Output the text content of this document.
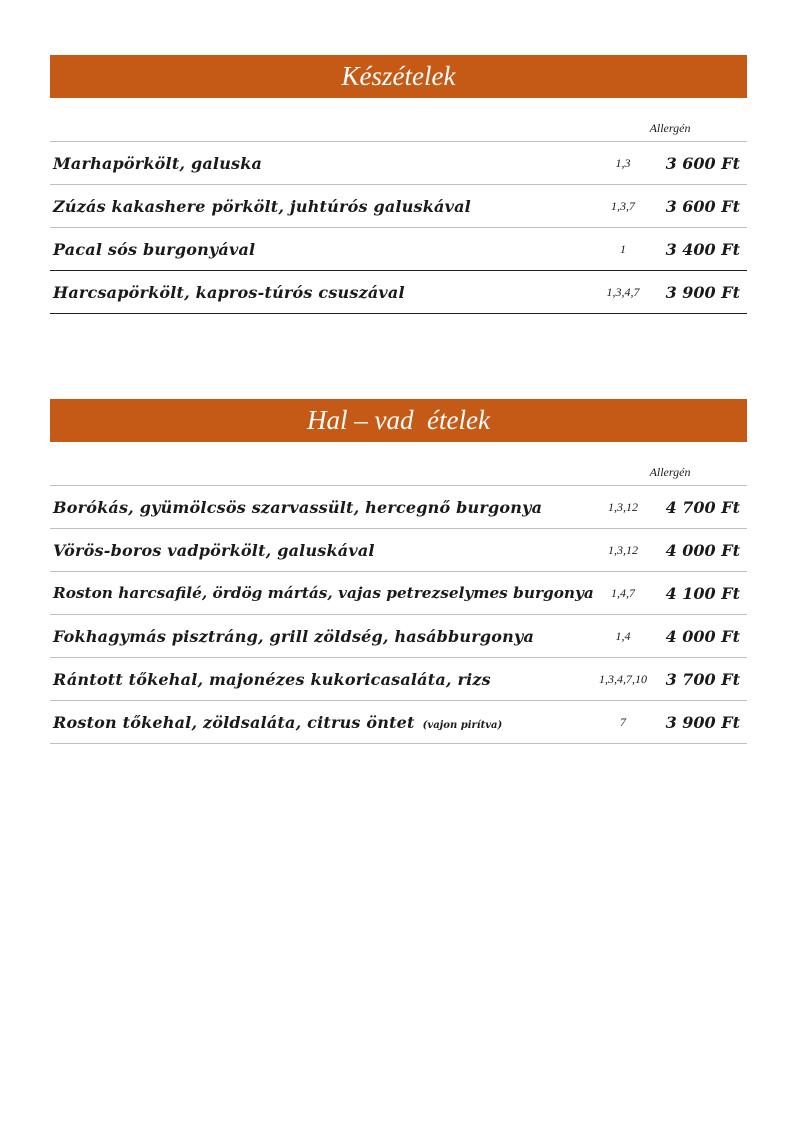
Készételek
Allergén
Marhapörkölt, galuska	1,3	3 600 Ft
Zúzás kakashere pörkölt, juhtúrós galuskával	1,3,7	3 600 Ft
Pacal sós burgonyával	1	3 400 Ft
Harcsapörkölt, kapros-túrós csuszával	1,3,4,7	3 900 Ft
Hal – vad  ételek
Allergén
Borókás, gyümölcsös szarvassült, hercegnő burgonya	1,3,12	4 700 Ft
Vörös-boros vadpörkölt, galuskával	1,3,12	4 000 Ft
Roston harcsafilé, ördög mártás, vajas petrezselymes burgonya	1,4,7	4 100 Ft
Fokhagymás pisztráng, grill zöldség, hasábburgonya	1,4	4 000 Ft
Rántott tőkehal, majonézes kukoricasaláta, rizs	1,3,4,7,10	3 700 Ft
Roston tőkehal, zöldsaláta, citrus öntet (vajon pirítva)	7	3 900 Ft
